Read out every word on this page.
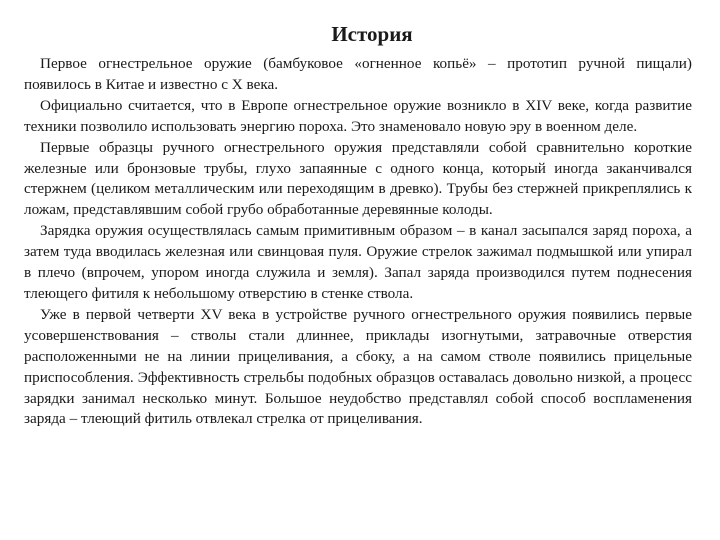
История

Первое огнестрельное оружие (бамбуковое «огненное копьё» – прототип ручной пищали) появилось в Китае и известно с X века.

Официально считается, что в Европе огнестрельное оружие возникло в XIV веке, когда развитие техники позволило использовать энергию пороха. Это знаменовало новую эру в военном деле.

Первые образцы ручного огнестрельного оружия представляли собой сравнительно короткие железные или бронзовые трубы, глухо запаянные с одного конца, который иногда заканчивался стержнем (целиком металлическим или переходящим в древко). Трубы без стержней прикреплялись к ложам, представлявшим собой грубо обработанные деревянные колоды.

Зарядка оружия осуществлялась самым примитивным образом – в канал засыпался заряд пороха, а затем туда вводилась железная или свинцовая пуля. Оружие стрелок зажимал подмышкой или упирал в плечо (впрочем, упором иногда служила и земля). Запал заряда производился путем поднесения тлеющего фитиля к небольшому отверстию в стенке ствола.

Уже в первой четверти XV века в устройстве ручного огнестрельного оружия появились первые усовершенствования – стволы стали длиннее, приклады изогнутыми, затравочные отверстия расположенными не на линии прицеливания, а сбоку, а на самом стволе появились прицельные приспособления. Эффективность стрельбы подобных образцов оставалась довольно низкой, а процесс зарядки занимал несколько минут. Большое неудобство представлял собой способ воспламенения заряда – тлеющий фитиль отвлекал стрелка от прицеливания.
